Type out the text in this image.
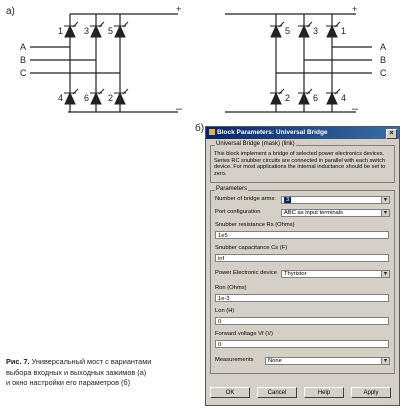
а)
A
B
C
+
–
1 3 5
4 6 2
A
B
C
+
–
5	3	1
2	6	4
б)	Block Parameters: Universal Bridge	×
Universal Bridge (mask) (link)
This block implement a bridge of selected power electronics devices. Series RC snubber circuits are connected in parallel with each switch device. For most applications the internal inductance should be set to zero.
Parameters
Number of bridge arms:	3	▼
Port configuration	ABC as input terminals	▼
Snubber resistance Rs (Ohms)
1e5
Snubber capacitance Cs (F)
inf
Power Electronic device	Thyristor	▼
Ron (Ohms)
1e-3
Lon (H)
0
Forward voltage Vf (V)
0
Measurements	None	▼
OK	Cancel	Help	Apply
Рис. 7. Универсальный мост с вариантами
выбора входных и выходных зажимов (а)
и окно настройки его параметров (б)
